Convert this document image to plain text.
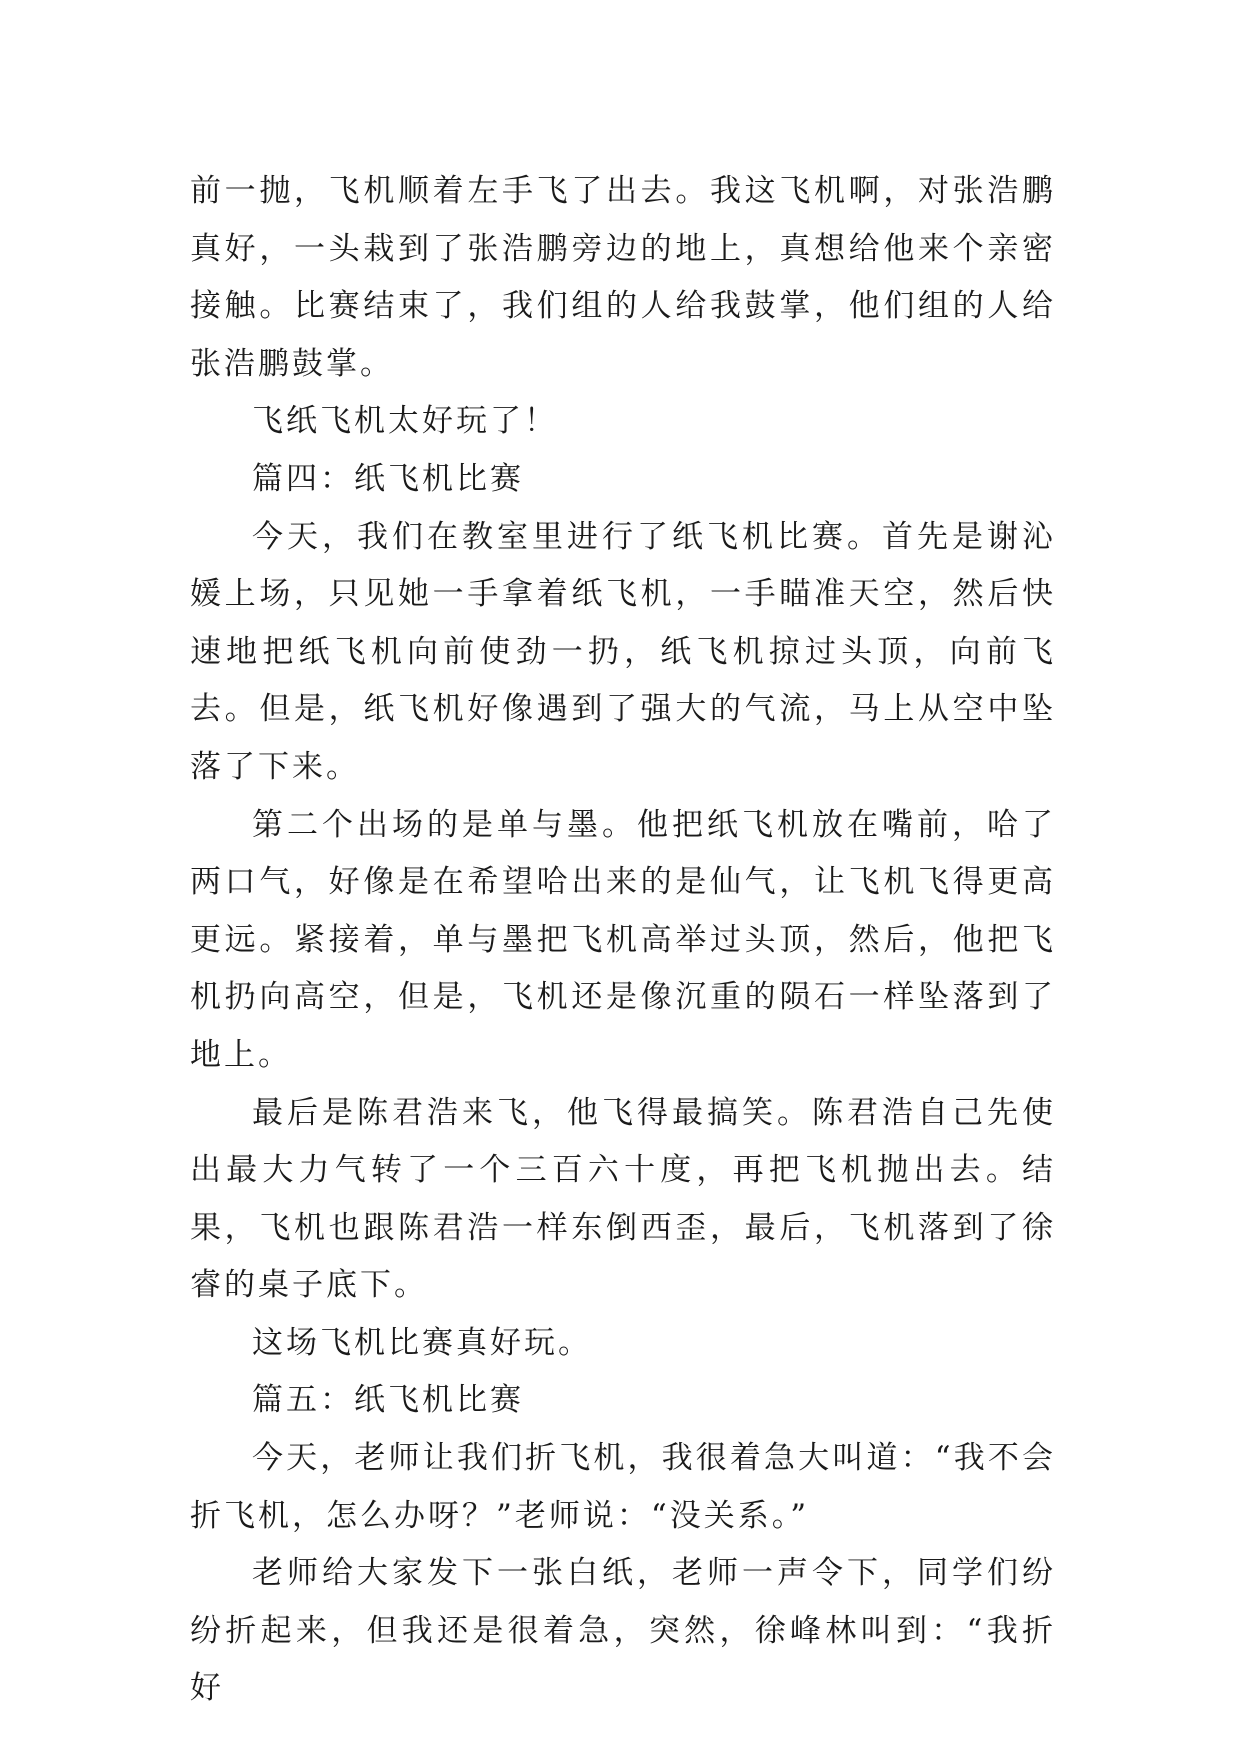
前一抛，飞机顺着左手飞了出去。我这飞机啊，对张浩鹏真好，一头栽到了张浩鹏旁边的地上，真想给他来个亲密接触。比赛结束了，我们组的人给我鼓掌，他们组的人给张浩鹏鼓掌。

飞纸飞机太好玩了！

篇四：纸飞机比赛

今天，我们在教室里进行了纸飞机比赛。首先是谢沁媛上场，只见她一手拿着纸飞机，一手瞄准天空，然后快速地把纸飞机向前使劲一扔，纸飞机掠过头顶，向前飞去。但是，纸飞机好像遇到了强大的气流，马上从空中坠落了下来。

第二个出场的是单与墨。他把纸飞机放在嘴前，哈了两口气，好像是在希望哈出来的是仙气，让飞机飞得更高更远。紧接着，单与墨把飞机高举过头顶，然后，他把飞机扔向高空，但是，飞机还是像沉重的陨石一样坠落到了地上。

最后是陈君浩来飞，他飞得最搞笑。陈君浩自己先使出最大力气转了一个三百六十度，再把飞机抛出去。结果，飞机也跟陈君浩一样东倒西歪，最后，飞机落到了徐睿的桌子底下。

这场飞机比赛真好玩。

篇五：纸飞机比赛

今天，老师让我们折飞机，我很着急大叫道：“我不会折飞机，怎么办呀？”老师说：“没关系。”

老师给大家发下一张白纸，老师一声令下，同学们纷纷折起来，但我还是很着急，突然，徐峰林叫到：“我折好
